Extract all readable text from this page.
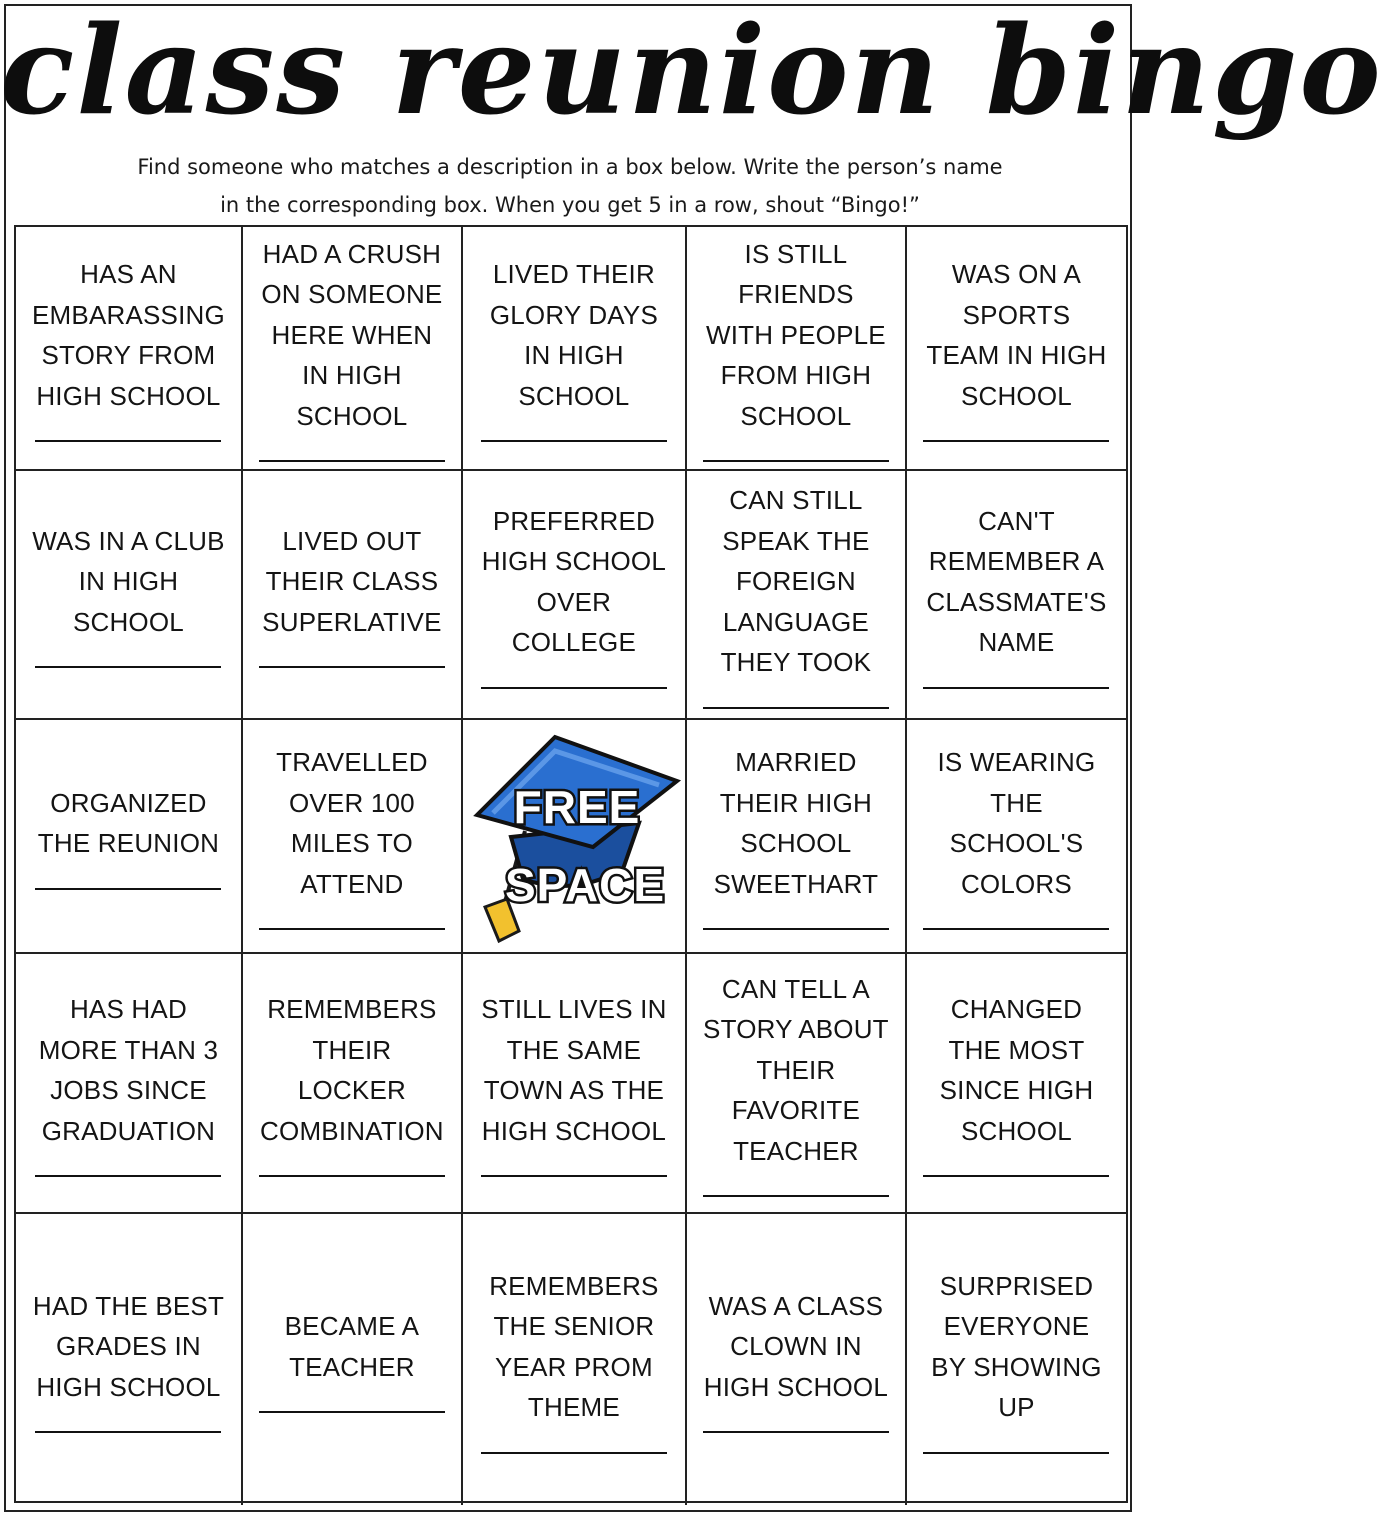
class reunion bingo
Find someone who matches a description in a box below. Write the person’s name
in the corresponding box. When you get 5 in a row, shout “Bingo!”
HAS AN EMBARASSING STORY FROM HIGH SCHOOL
HAD A CRUSH ON SOMEONE HERE WHEN IN HIGH SCHOOL
LIVED THEIR GLORY DAYS IN HIGH SCHOOL
IS STILL FRIENDS WITH PEOPLE FROM HIGH SCHOOL
WAS ON A SPORTS TEAM IN HIGH SCHOOL
WAS IN A CLUB IN HIGH SCHOOL
LIVED OUT THEIR CLASS SUPERLATIVE
PREFERRED HIGH SCHOOL OVER COLLEGE
CAN STILL SPEAK THE FOREIGN LANGUAGE THEY TOOK
CAN'T REMEMBER A CLASSMATE'S NAME
ORGANIZED THE REUNION
TRAVELLED OVER 100 MILES TO ATTEND
FREE
SPACE
MARRIED THEIR HIGH SCHOOL SWEETHART
IS WEARING THE SCHOOL'S COLORS
HAS HAD MORE THAN 3 JOBS SINCE GRADUATION
REMEMBERS THEIR LOCKER COMBINATION
STILL LIVES IN THE SAME TOWN AS THE HIGH SCHOOL
CAN TELL A STORY ABOUT THEIR FAVORITE TEACHER
CHANGED THE MOST SINCE HIGH SCHOOL
HAD THE BEST GRADES IN HIGH SCHOOL
BECAME A TEACHER
REMEMBERS THE SENIOR YEAR PROM THEME
WAS A CLASS CLOWN IN HIGH SCHOOL
SURPRISED EVERYONE BY SHOWING UP
